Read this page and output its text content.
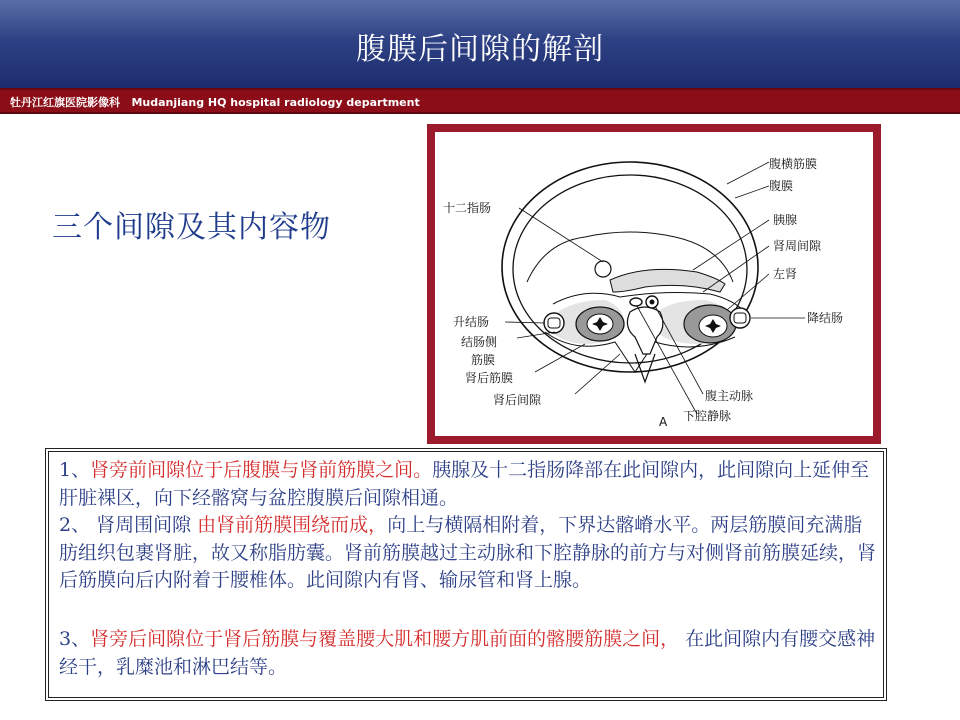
腹膜后间隙的解剖
牡丹江红旗医院影像科   Mudanjiang HQ hospital radiology department
三个间隙及其内容物
腹横筋膜
腹膜
十二指肠
胰腺
肾周间隙
左肾
升结肠	降结肠
结肠侧
筋膜
肾后筋膜
肾后间隙	腹主动脉
下腔静脉
A
1、肾旁前间隙位于后腹膜与肾前筋膜之间。胰腺及十二指肠降部在此间隙内，此间隙向上延伸至肝脏裸区，向下经髂窝与盆腔腹膜后间隙相通。
2、 肾周围间隙 由肾前筋膜围绕而成，向上与横隔相附着，下界达髂嵴水平。两层筋膜间充满脂肪组织包裹肾脏，故又称脂肪囊。肾前筋膜越过主动脉和下腔静脉的前方与对侧肾前筋膜延续，肾后筋膜向后内附着于腰椎体。此间隙内有肾、输尿管和肾上腺。
3、肾旁后间隙位于肾后筋膜与覆盖腰大肌和腰方肌前面的髂腰筋膜之间， 在此间隙内有腰交感神经干，乳糜池和淋巴结等。
